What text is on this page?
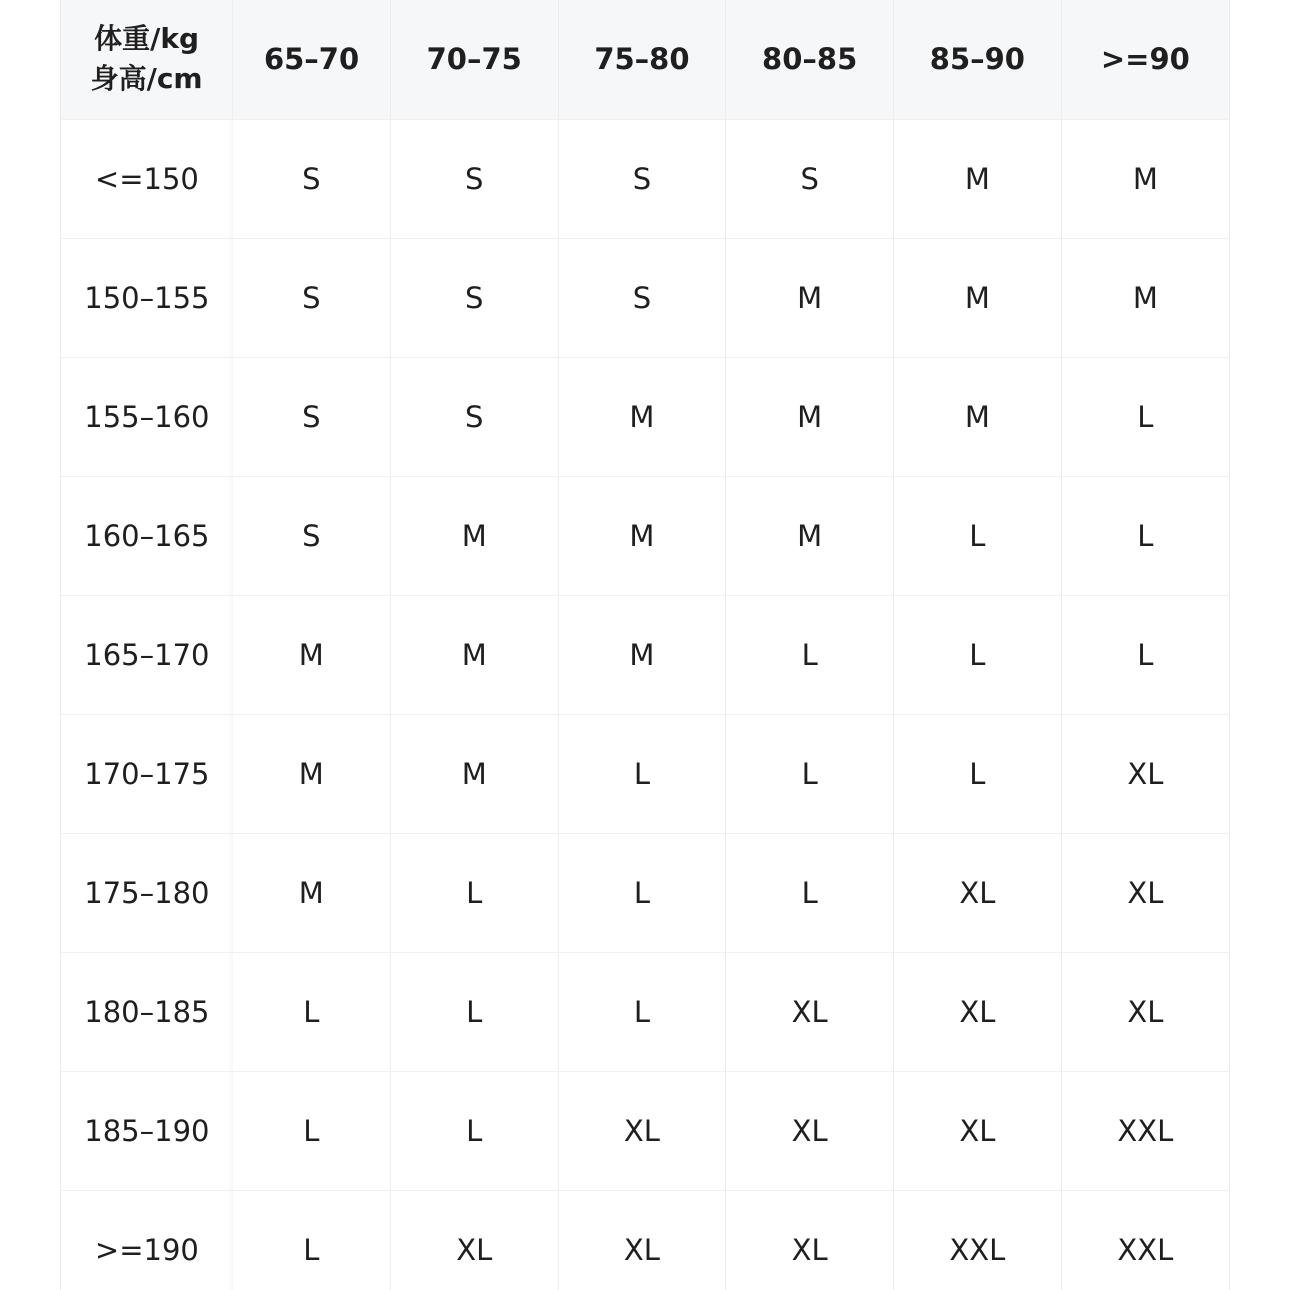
体重/kg
身高/cm	65–70	70–75	75–80	80–85	85–90	>=90
<=150	S	S	S	S	M	M
150–155	S	S	S	M	M	M
155–160	S	S	M	M	M	L
160–165	S	M	M	M	L	L
165–170	M	M	M	L	L	L
170–175	M	M	L	L	L	XL
175–180	M	L	L	L	XL	XL
180–185	L	L	L	XL	XL	XL
185–190	L	L	XL	XL	XL	XXL
>=190	L	XL	XL	XL	XXL	XXL
